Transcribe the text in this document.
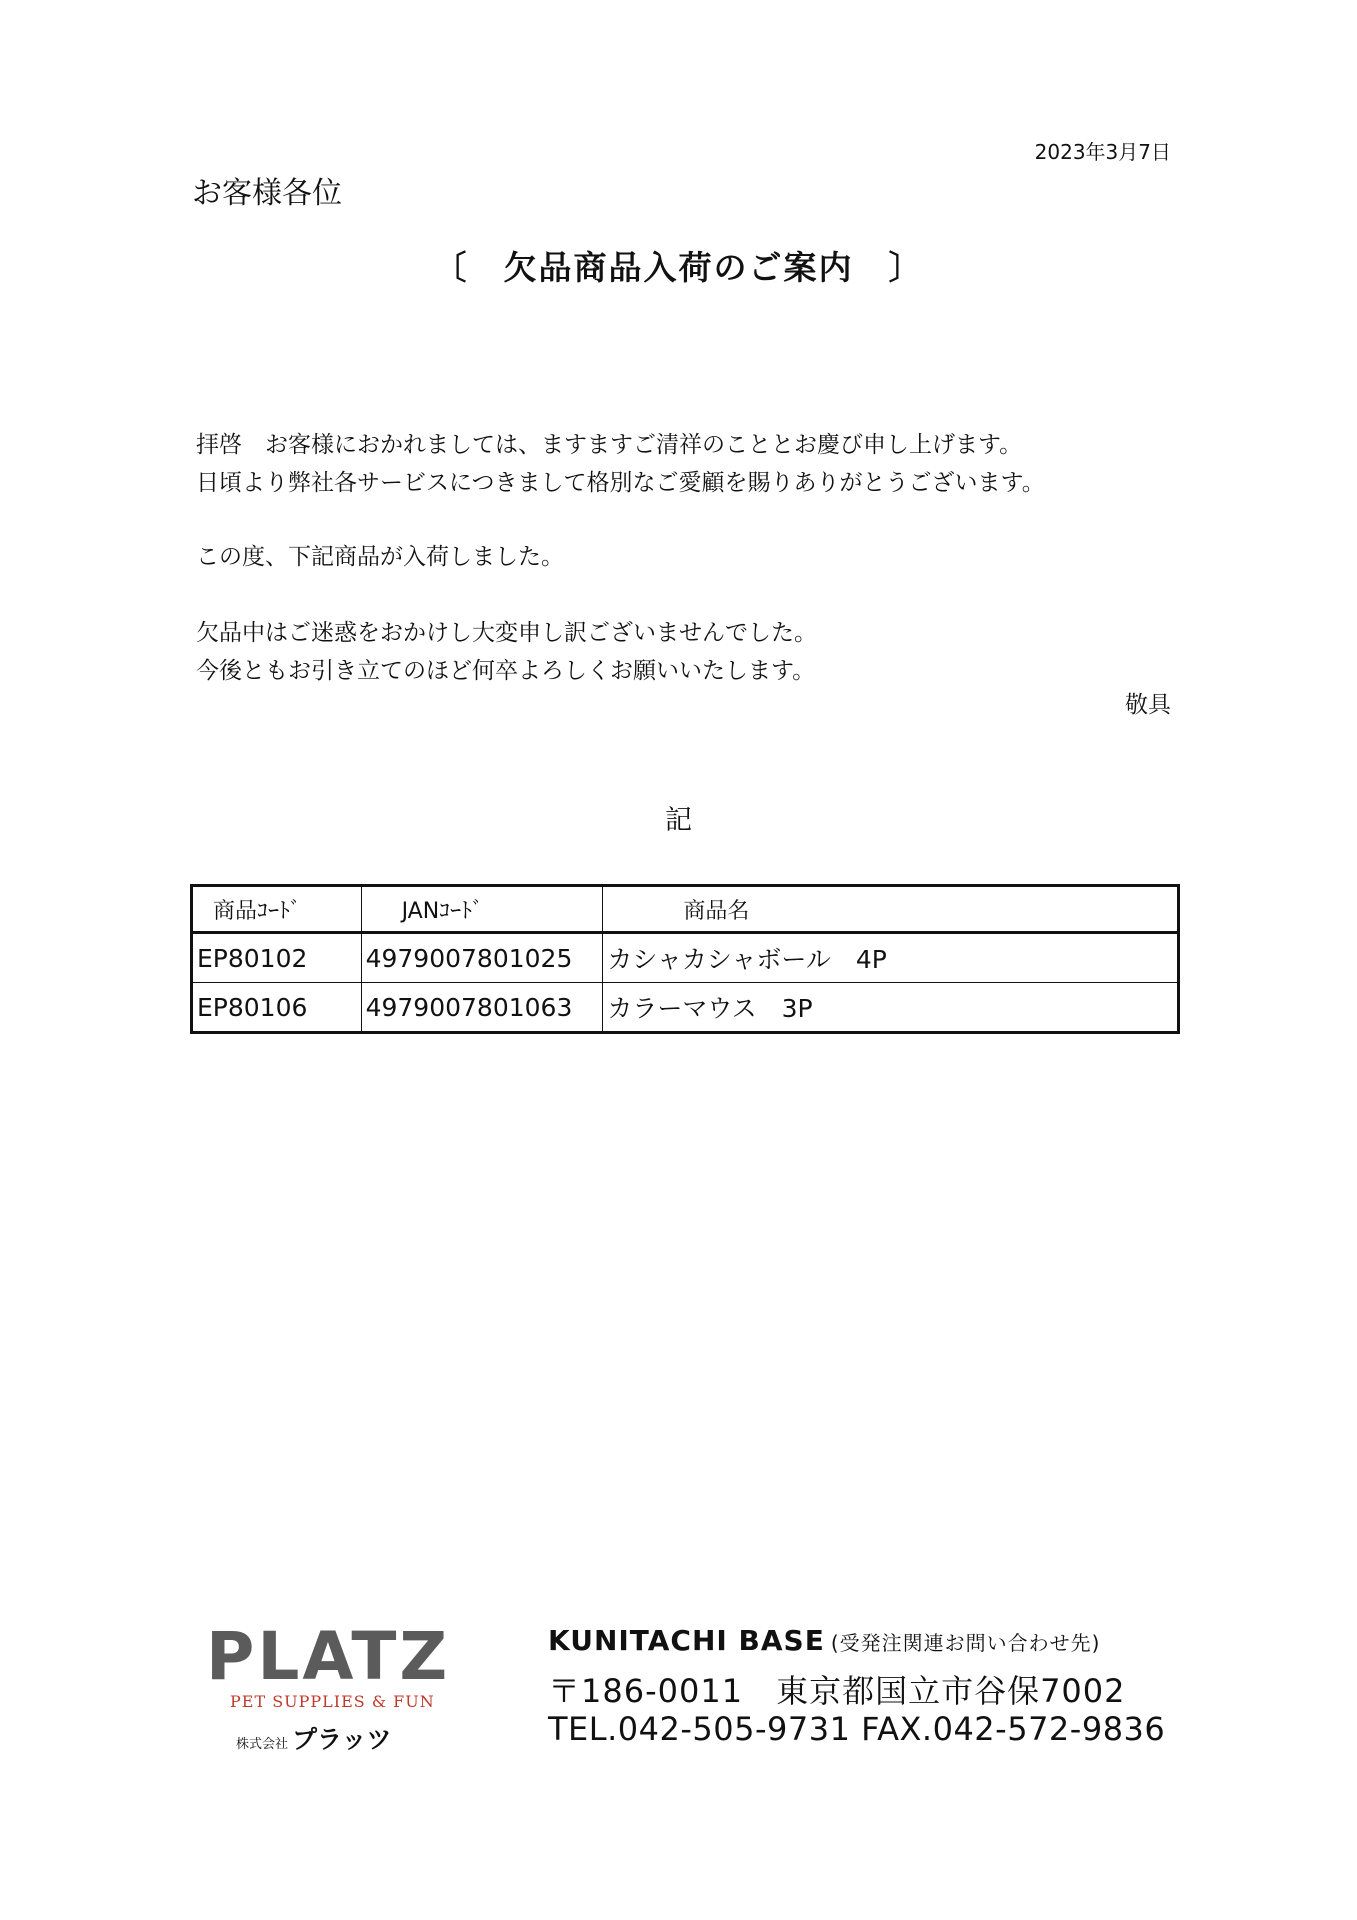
2023年3月7日
お客様各位
〔　欠品商品入荷のご案内　〕
拝啓　お客様におかれましては、ますますご清祥のこととお慶び申し上げます。
日頃より弊社各サービスにつきまして格別なご愛顧を賜りありがとうございます。
この度、下記商品が入荷しました。
欠品中はご迷惑をおかけし大変申し訳ございませんでした。
今後ともお引き立てのほど何卒よろしくお願いいたします。
敬具
記
商品ｺｰﾄﾞ	JANｺｰﾄﾞ	商品名
EP80102	4979007801025	カシャカシャボール　4P
EP80106	4979007801063	カラーマウス　3P
PLATZ
PET SUPPLIES & FUN
株式会社 プラッツ
KUNITACHI BASE (受発注関連お問い合わせ先)
〒186-0011　東京都国立市谷保7002
TEL.042-505-9731 FAX.042-572-9836
